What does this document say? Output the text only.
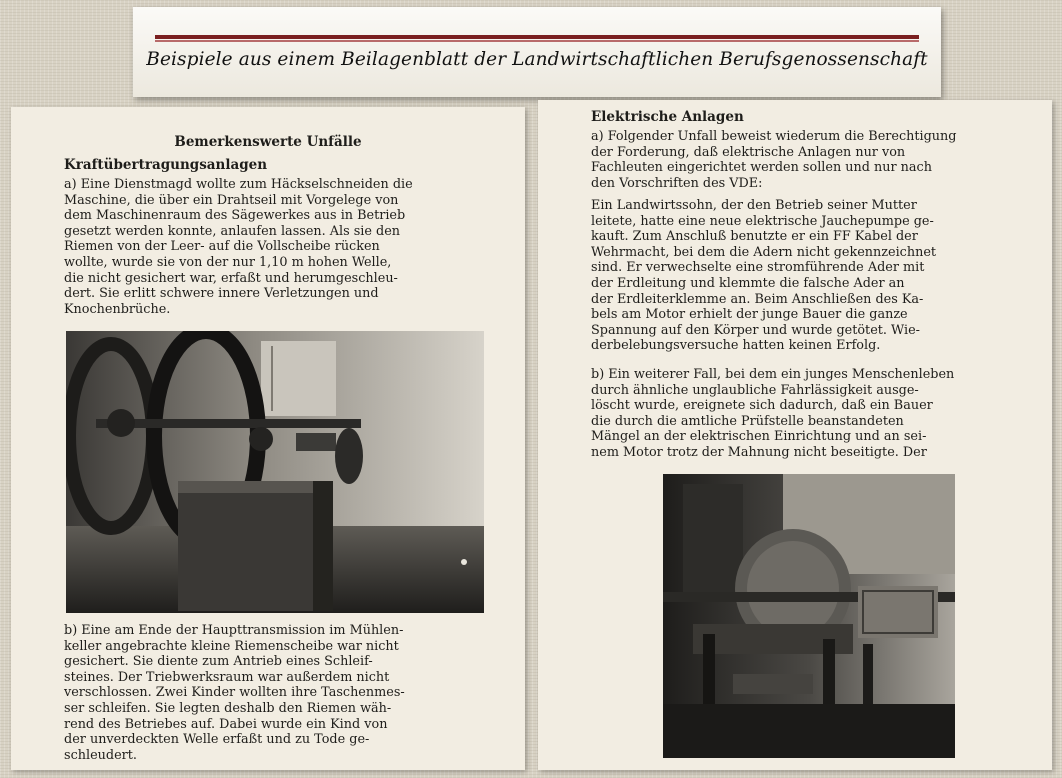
Beispiele aus einem Beilagenblatt der Landwirtschaftlichen Berufsgenossenschaft
Bemerkenswerte Unfälle
Kraftübertragungsanlagen

a) Eine Dienstmagd wollte zum Häckselschneiden die
Maschine, die über ein Drahtseil mit Vorgelege von
dem Maschinenraum des Sägewerkes aus in Betrieb
gesetzt werden konnte, anlaufen lassen. Als sie den
Riemen von der Leer- auf die Vollscheibe rücken
wollte, wurde sie von der nur 1,10 m hohen Welle,
die nicht gesichert war, erfaßt und herumgeschleu-
dert. Sie erlitt schwere innere Verletzungen und
Knochenbrüche.

b) Eine am Ende der Haupttransmission im Mühlen-
keller angebrachte kleine Riemenscheibe war nicht
gesichert. Sie diente zum Antrieb eines Schleif-
steines. Der Triebwerksraum war außerdem nicht
verschlossen. Zwei Kinder wollten ihre Taschenmes-
ser schleifen. Sie legten deshalb den Riemen wäh-
rend des Betriebes auf. Dabei wurde ein Kind von
der unverdeckten Welle erfaßt und zu Tode ge-
schleudert.

Elektrische Anlagen

a) Folgender Unfall beweist wiederum die Berechtigung
der Forderung, daß elektrische Anlagen nur von
Fachleuten eingerichtet werden sollen und nur nach
den Vorschriften des VDE:

Ein Landwirtssohn, der den Betrieb seiner Mutter
leitete, hatte eine neue elektrische Jauchepumpe ge-
kauft. Zum Anschluß benutzte er ein FF Kabel der
Wehrmacht, bei dem die Adern nicht gekennzeichnet
sind. Er verwechselte eine stromführende Ader mit
der Erdleitung und klemmte die falsche Ader an
der Erdleiterklemme an. Beim Anschließen des Ka-
bels am Motor erhielt der junge Bauer die ganze
Spannung auf den Körper und wurde getötet. Wie-
derbelebungsversuche hatten keinen Erfolg.

b) Ein weiterer Fall, bei dem ein junges Menschenleben
durch ähnliche unglaubliche Fahrlässigkeit ausge-
löscht wurde, ereignete sich dadurch, daß ein Bauer
die durch die amtliche Prüfstelle beanstandeten
Mängel an der elektrischen Einrichtung und an sei-
nem Motor trotz der Mahnung nicht beseitigte. Der
